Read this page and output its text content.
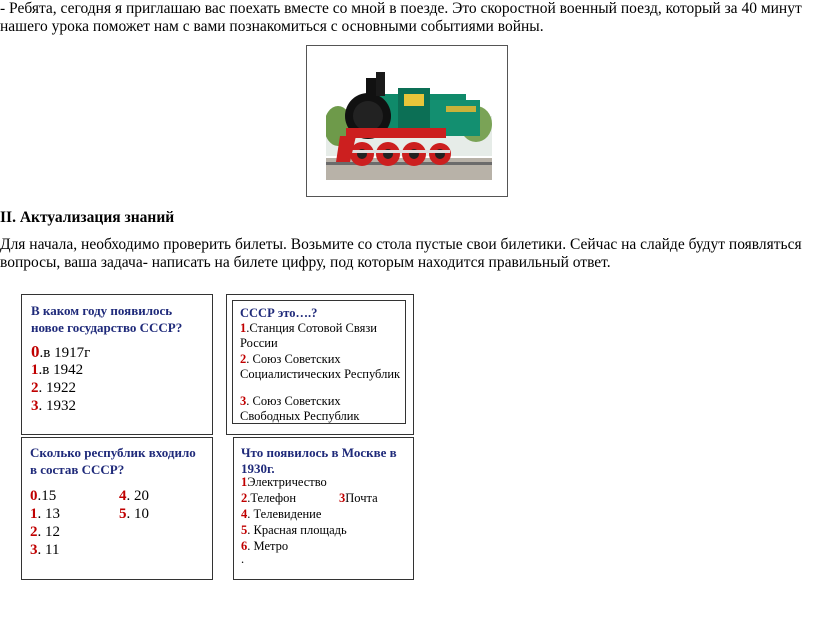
- Ребята, сегодня я приглашаю вас поехать вместе со мной в поезде. Это скоростной военный поезд, который за 40 минут
нашего урока поможет нам с вами познакомиться с основными событиями войны.
II. Актуализация знаний
Для начала, необходимо проверить билеты. Возьмите со стола пустые свои билетики. Сейчас на слайде будут появляться
вопросы, ваша задача- написать на билете цифру, под которым находится правильный ответ.
В каком году появилось
новое государство СССР?
0.в 1917г
1.в 1942
2. 1922
3. 1932
СССР это….?
1.Станция Сотовой Связи
России
2. Союз Советских
Социалистических Республик
3. Союз Советских
Свободных Республик
Сколько республик входило
в состав СССР?
0.15
1. 13
2. 12
3. 11
4. 20
5. 10
Что появилось в Москве в
1930г.
1Электричество
2.Телефон	3Почта
4. Телевидение
5. Красная площадь
6. Метро
.
